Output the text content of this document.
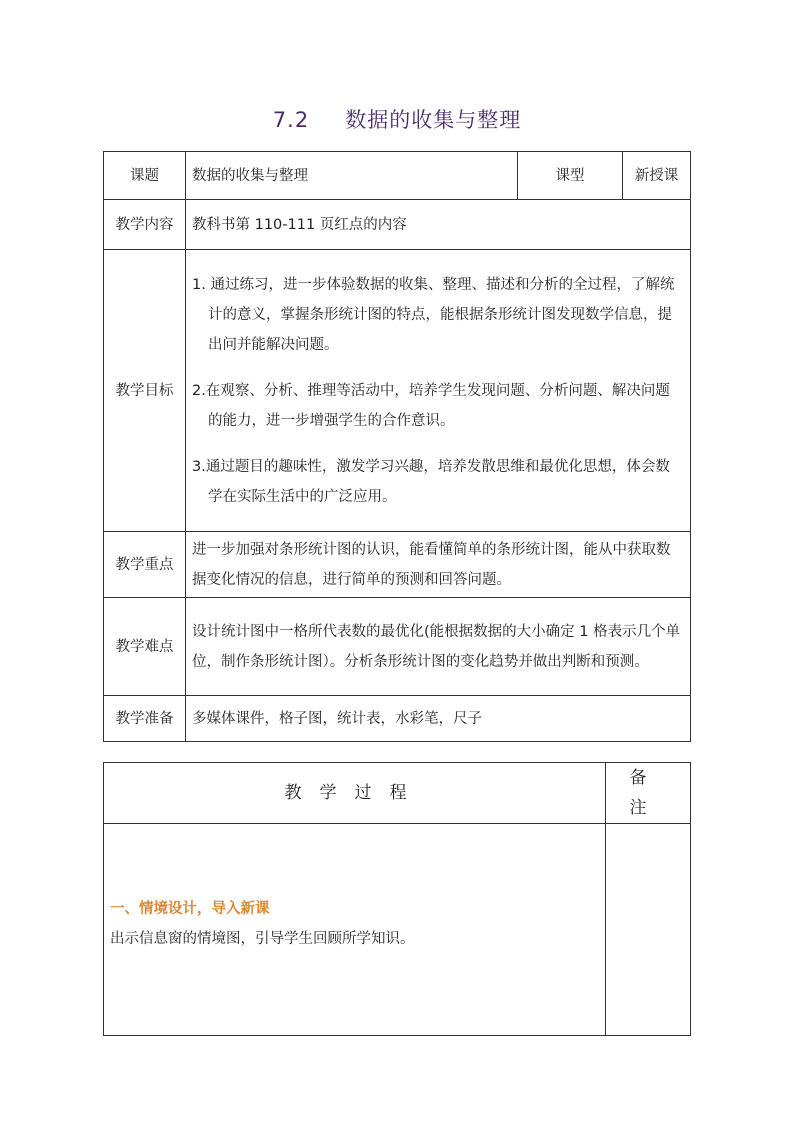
7.2 数据的收集与整理
课题	数据的收集与整理	课型	新授课
教学内容	教科书第 110-111 页红点的内容		
教学目标	1. 通过练习，进一步体验数据的收集、整理、描述和分析的全过程，了解统计的意义，掌握条形统计图的特点，能根据条形统计图发现数学信息，提出问并能解决问题。
2.在观察、分析、推理等活动中，培养学生发现问题、分析问题、解决问题的能力，进一步增强学生的合作意识。
3.通过题目的趣味性，激发学习兴趣，培养发散思维和最优化思想，体会数学在实际生活中的广泛应用。		

教学重点	进一步加强对条形统计图的认识，能看懂简单的条形统计图，能从中获取数据变化情况的信息，进行简单的预测和回答问题。		
教学难点	设计统计图中一格所代表数的最优化(能根据数据的大小确定 1 格表示几个单位，制作条形统计图）。分析条形统计图的变化趋势并做出判断和预测。		
教学准备	多媒体课件，格子图，统计表，水彩笔，尺子		
教学过程	备注

一、情境设计，导入新课
出示信息窗的情境图，引导学生回顾所学知识。	
